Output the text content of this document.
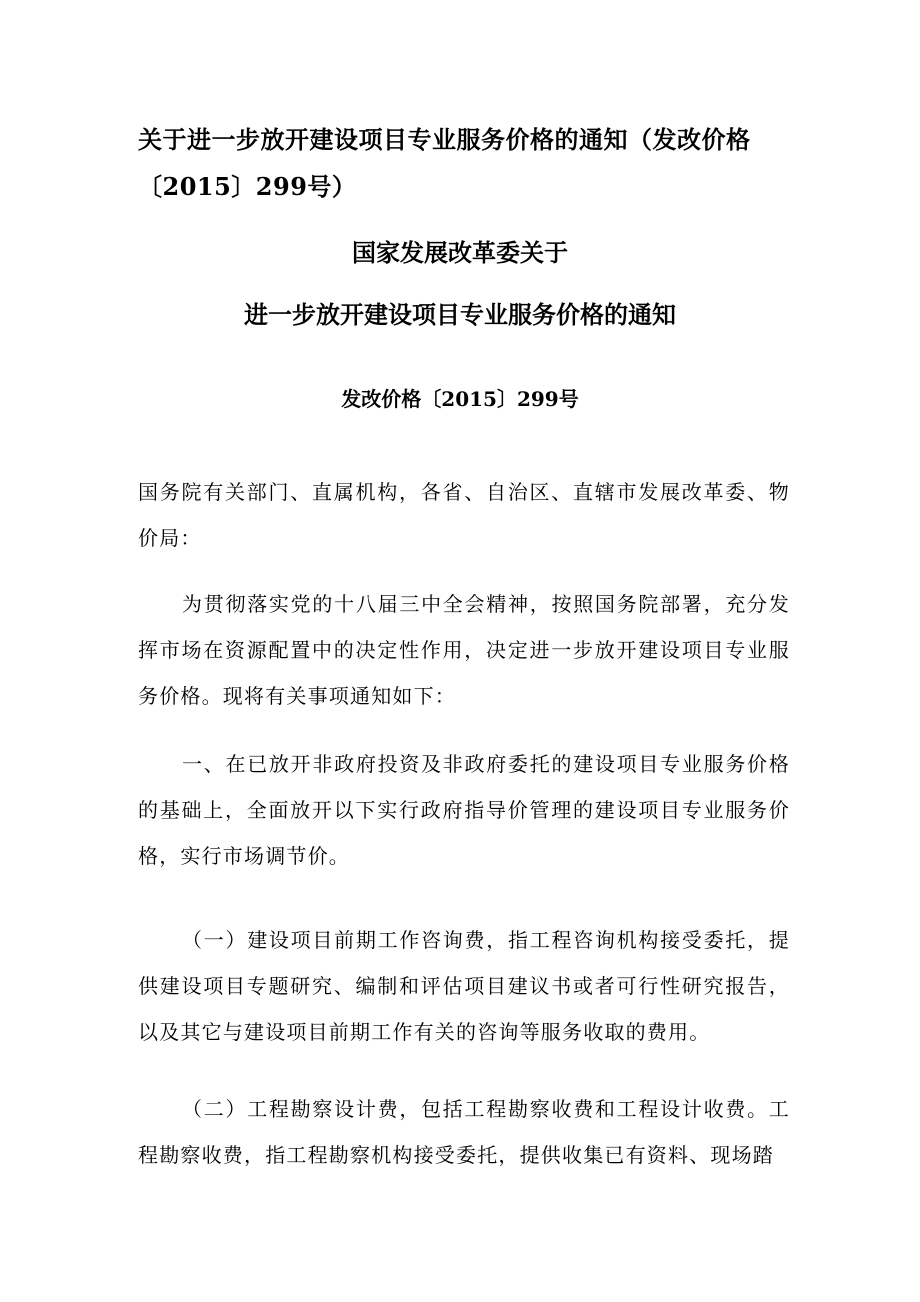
关于进一步放开建设项目专业服务价格的通知（发改价格〔2015〕299号）
国家发展改革委关于
进一步放开建设项目专业服务价格的通知

发改价格〔2015〕299号

国务院有关部门、直属机构，各省、自治区、直辖市发展改革委、物价局：

为贯彻落实党的十八届三中全会精神，按照国务院部署，充分发挥市场在资源配置中的决定性作用，决定进一步放开建设项目专业服务价格。现将有关事项通知如下：

一、在已放开非政府投资及非政府委托的建设项目专业服务价格的基础上，全面放开以下实行政府指导价管理的建设项目专业服务价格，实行市场调节价。

（一）建设项目前期工作咨询费，指工程咨询机构接受委托，提供建设项目专题研究、编制和评估项目建议书或者可行性研究报告，以及其它与建设项目前期工作有关的咨询等服务收取的费用。

（二）工程勘察设计费，包括工程勘察收费和工程设计收费。工程勘察收费，指工程勘察机构接受委托，提供收集已有资料、现场踏
